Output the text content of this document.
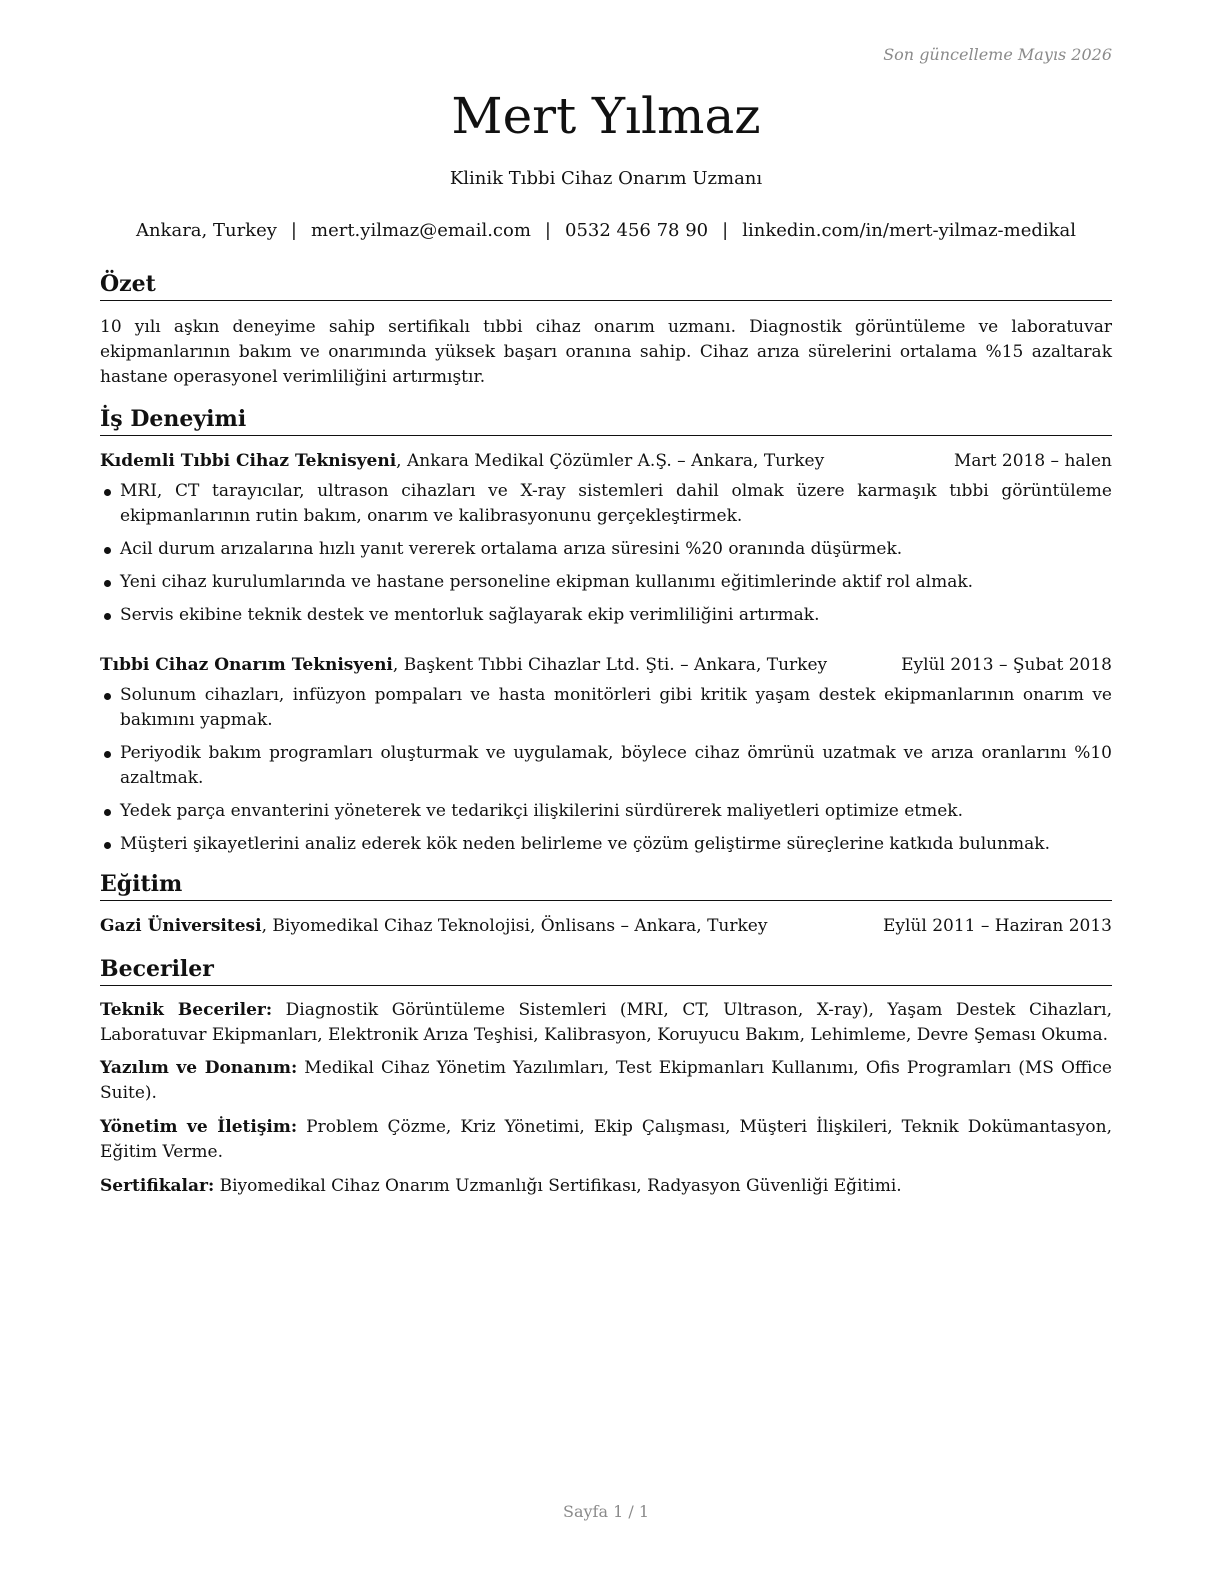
Son güncelleme Mayıs 2026
Mert Yılmaz
Klinik Tıbbi Cihaz Onarım Uzmanı
Ankara, Turkey | mert.yilmaz@email.com | 0532 456 78 90 | linkedin.com/in/mert-yilmaz-medikal
Özet

10 yılı aşkın deneyime sahip sertifikalı tıbbi cihaz onarım uzmanı. Diagnostik görüntüleme ve laboratuvar ekipmanlarının bakım ve onarımında yüksek başarı oranına sahip. Cihaz arıza sürelerini ortalama %15 azaltarak hastane operasyonel verimliliğini artırmıştır.

İş Deneyimi
Kıdemli Tıbbi Cihaz Teknisyeni, Ankara Medikal Çözümler A.Ş. – Ankara, Turkey	Mart 2018 – halen
MRI, CT tarayıcılar, ultrason cihazları ve X-ray sistemleri dahil olmak üzere karmaşık tıbbi görüntüleme ekipmanlarının rutin bakım, onarım ve kalibrasyonunu gerçekleştirmek.
Acil durum arızalarına hızlı yanıt vererek ortalama arıza süresini %20 oranında düşürmek.
Yeni cihaz kurulumlarında ve hastane personeline ekipman kullanımı eğitimlerinde aktif rol almak.
Servis ekibine teknik destek ve mentorluk sağlayarak ekip verimliliğini artırmak.
Tıbbi Cihaz Onarım Teknisyeni, Başkent Tıbbi Cihazlar Ltd. Şti. – Ankara, Turkey	Eylül 2013 – Şubat 2018
Solunum cihazları, infüzyon pompaları ve hasta monitörleri gibi kritik yaşam destek ekipmanlarının onarım ve bakımını yapmak.
Periyodik bakım programları oluşturmak ve uygulamak, böylece cihaz ömrünü uzatmak ve arıza oranlarını %10 azaltmak.
Yedek parça envanterini yöneterek ve tedarikçi ilişkilerini sürdürerek maliyetleri optimize etmek.
Müşteri şikayetlerini analiz ederek kök neden belirleme ve çözüm geliştirme süreçlerine katkıda bulunmak.
Eğitim
Gazi Üniversitesi, Biyomedikal Cihaz Teknolojisi, Önlisans – Ankara, Turkey	Eylül 2011 – Haziran 2013
Beceriler

Teknik Beceriler: Diagnostik Görüntüleme Sistemleri (MRI, CT, Ultrason, X-ray), Yaşam Destek Cihazları, Laboratuvar Ekipmanları, Elektronik Arıza Teşhisi, Kalibrasyon, Koruyucu Bakım, Lehimleme, Devre Şeması Okuma.

Yazılım ve Donanım: Medikal Cihaz Yönetim Yazılımları, Test Ekipmanları Kullanımı, Ofis Programları (MS Office Suite).

Yönetim ve İletişim: Problem Çözme, Kriz Yönetimi, Ekip Çalışması, Müşteri İlişkileri, Teknik Dokümantasyon, Eğitim Verme.

Sertifikalar: Biyomedikal Cihaz Onarım Uzmanlığı Sertifikası, Radyasyon Güvenliği Eğitimi.

Sayfa 1 / 1
